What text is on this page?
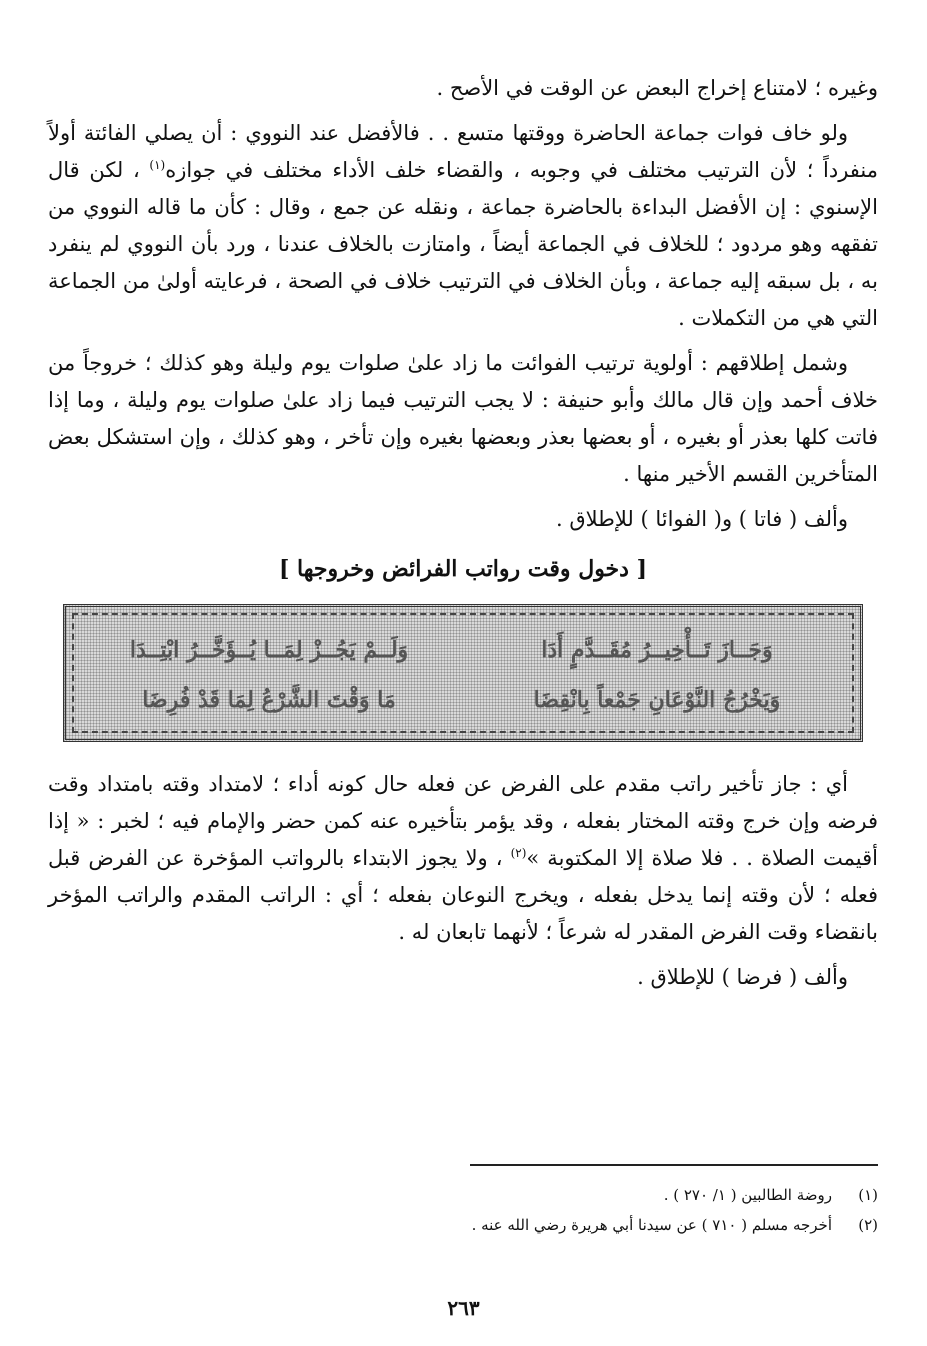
وغيره ؛ لامتناع إخراج البعض عن الوقت في الأصح .

ولو خاف فوات جماعة الحاضرة ووقتها متسع . . فالأفضل عند النووي : أن يصلي الفائتة أولاً منفرداً ؛ لأن الترتيب مختلف في وجوبه ، والقضاء خلف الأداء مختلف في جوازه$^{(١)}$ ، لكن قال الإسنوي : إن الأفضل البداءة بالحاضرة جماعة ، ونقله عن جمع ، وقال : كأن ما قاله النووي من تفقهه وهو مردود ؛ للخلاف في الجماعة أيضاً ، وامتازت بالخلاف عندنا ، ورد بأن النووي لم ينفرد به ، بل سبقه إليه جماعة ، وبأن الخلاف في الترتيب خلاف في الصحة ، فرعايته أولىٰ من الجماعة التي هي من التكملات .

وشمل إطلاقهم : أولوية ترتيب الفوائت ما زاد علىٰ صلوات يوم وليلة وهو كذلك ؛ خروجاً من خلاف أحمد وإن قال مالك وأبو حنيفة : لا يجب الترتيب فيما زاد علىٰ صلوات يوم وليلة ، وما إذا فاتت كلها بعذر أو بغيره ، أو بعضها بعذر وبعضها بغيره وإن تأخر ، وهو كذلك ، وإن استشكل بعض المتأخرين القسم الأخير منها .

وألف ( فاتا ) و( الفوائا ) للإطلاق .

[ دخول وقت رواتب الفرائض وخروجها ]
وَجَــازَ تَــأْخِيــرُ مُقَــدَّمٍ أَدَا
وَلَــمْ يَجُــزْ لِمَــا يُــؤَخَّــرُ ابْتِــدَا
وَيَخْرُجُ النَّوْعَانِ جَمْعاً بِانْقِضَا
مَا وَقْتَ الشَّرْعُ لِمَا قَدْ فُرِضَا

أي : جاز تأخير راتب مقدم على الفرض عن فعله حال كونه أداء ؛ لامتداد وقته بامتداد وقت فرضه وإن خرج وقته المختار بفعله ، وقد يؤمر بتأخيره عنه كمن حضر والإمام فيه ؛ لخبر : « إذا أقيمت الصلاة . . فلا صلاة إلا المكتوبة »$^{(٢)}$ ، ولا يجوز الابتداء بالرواتب المؤخرة عن الفرض قبل فعله ؛ لأن وقته إنما يدخل بفعله ، ويخرج النوعان بفعله ؛ أي : الراتب المقدم والراتب المؤخر بانقضاء وقت الفرض المقدر له شرعاً ؛ لأنهما تابعان له .

وألف ( فرضا ) للإطلاق .

(١)
روضة الطالبين ( ١/ ٢٧٠ ) .
(٢)
أخرجه مسلم ( ٧١٠ ) عن سيدنا أبي هريرة رضي الله عنه .
٢٦٣
